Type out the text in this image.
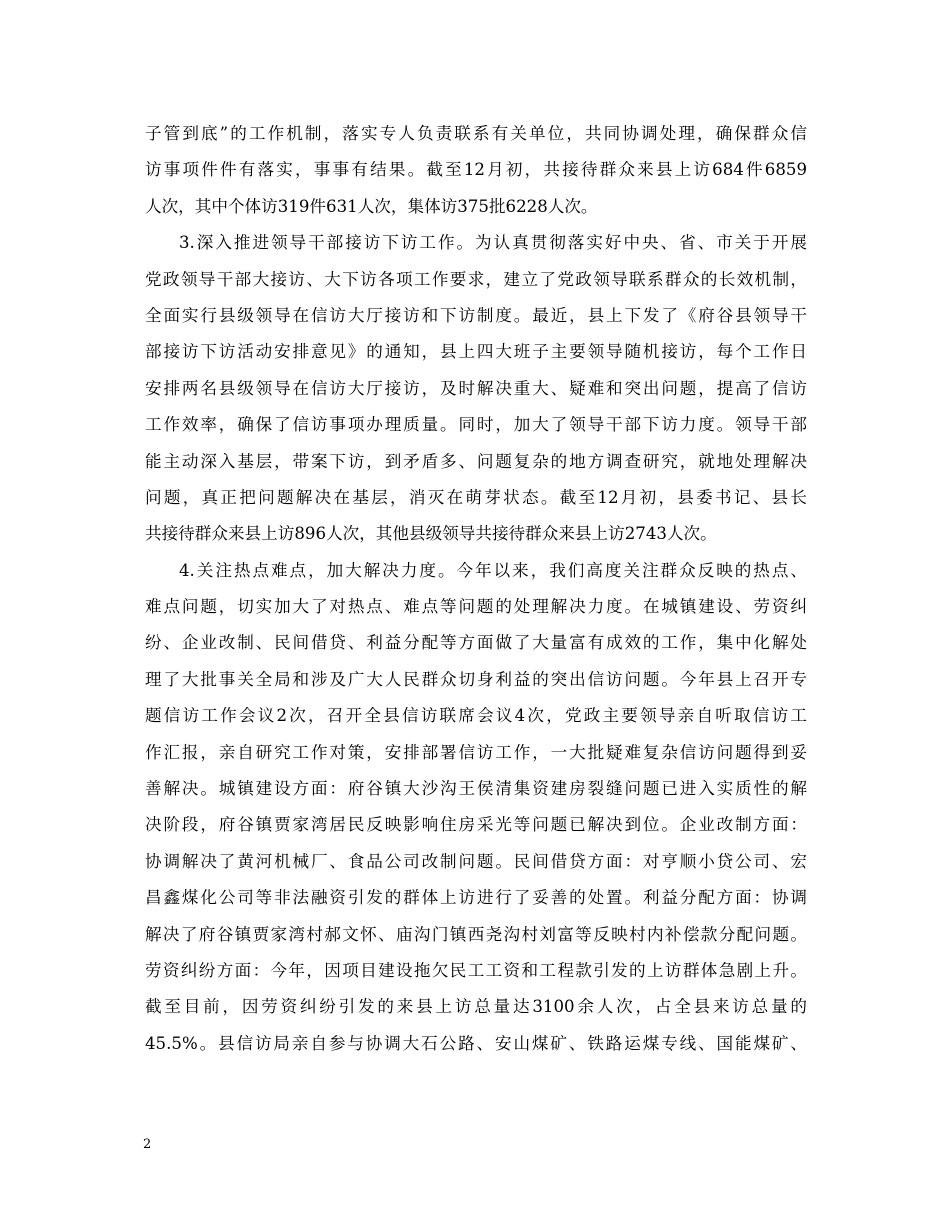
子管到底”的工作机制，落实专人负责联系有关单位，共同协调处理，确保群众信
访事项件件有落实，事事有结果。截至12月初，共接待群众来县上访684件6859
人次，其中个体访319件631人次，集体访375批6228人次。
3.深入推进领导干部接访下访工作。为认真贯彻落实好中央、省、市关于开展
党政领导干部大接访、大下访各项工作要求，建立了党政领导联系群众的长效机制，
全面实行县级领导在信访大厅接访和下访制度。最近，县上下发了《府谷县领导干
部接访下访活动安排意见》的通知，县上四大班子主要领导随机接访，每个工作日
安排两名县级领导在信访大厅接访，及时解决重大、疑难和突出问题，提高了信访
工作效率，确保了信访事项办理质量。同时，加大了领导干部下访力度。领导干部
能主动深入基层，带案下访，到矛盾多、问题复杂的地方调查研究，就地处理解决
问题，真正把问题解决在基层，消灭在萌芽状态。截至12月初，县委书记、县长
共接待群众来县上访896人次，其他县级领导共接待群众来县上访2743人次。
4.关注热点难点，加大解决力度。今年以来，我们高度关注群众反映的热点、
难点问题，切实加大了对热点、难点等问题的处理解决力度。在城镇建设、劳资纠
纷、企业改制、民间借贷、利益分配等方面做了大量富有成效的工作，集中化解处
理了大批事关全局和涉及广大人民群众切身利益的突出信访问题。今年县上召开专
题信访工作会议2次，召开全县信访联席会议4次，党政主要领导亲自听取信访工
作汇报，亲自研究工作对策，安排部署信访工作，一大批疑难复杂信访问题得到妥
善解决。城镇建设方面：府谷镇大沙沟王侯清集资建房裂缝问题已进入实质性的解
决阶段，府谷镇贾家湾居民反映影响住房采光等问题已解决到位。企业改制方面：
协调解决了黄河机械厂、食品公司改制问题。民间借贷方面：对亨顺小贷公司、宏
昌鑫煤化公司等非法融资引发的群体上访进行了妥善的处置。利益分配方面：协调
解决了府谷镇贾家湾村郝文怀、庙沟门镇西尧沟村刘富等反映村内补偿款分配问题。
劳资纠纷方面：今年，因项目建设拖欠民工工资和工程款引发的上访群体急剧上升。
截至目前，因劳资纠纷引发的来县上访总量达3100余人次，占全县来访总量的
45.5%。县信访局亲自参与协调大石公路、安山煤矿、铁路运煤专线、国能煤矿、
2
